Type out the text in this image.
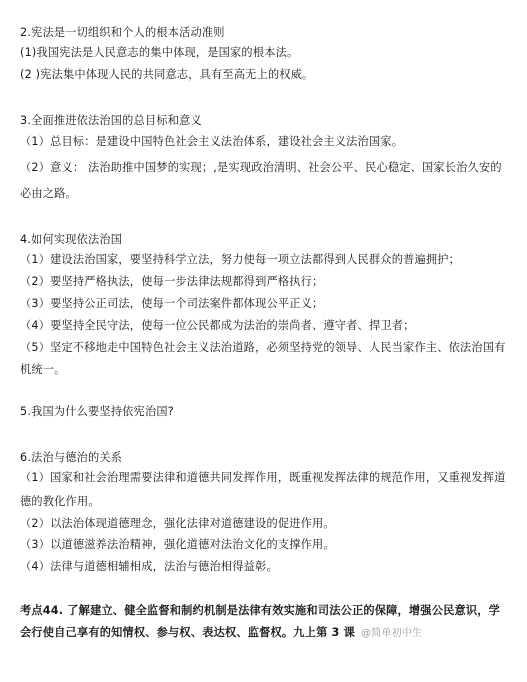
2.宪法是一切组织和个人的根本活动准则
(1)我国宪法是人民意志的集中体现，是国家的根本法。
(2 )宪法集中体现人民的共同意志，具有至高无上的权威。
3.全面推进依法治国的总目标和意义
（1）总目标：是建设中国特色社会主义法治体系，建设社会主义法治国家。
（2）意义： 法治助推中国梦的实现；,是实现政治清明、社会公平、民心稳定、国家长治久安的
必由之路。
4.如何实现依法治国
（1）建设法治国家，要坚持科学立法，努力使每一项立法都得到人民群众的普遍拥护；
（2）要坚持严格执法，使每一步法律法规都得到严格执行；
（3）要坚持公正司法，使每一个司法案件都体现公平正义；
（4）要坚持全民守法，使每一位公民都成为法治的崇尚者、遵守者、捍卫者；
（5）坚定不移地走中国特色社会主义法治道路，必须坚持党的领导、人民当家作主、依法治国有
机统一。
5.我国为什么要坚持依宪治国?
6.法治与德治的关系
（1）国家和社会治理需要法律和道德共同发挥作用，既重视发挥法律的规范作用，又重视发挥道
德的教化作用。
（2）以法治体现道德理念，强化法律对道德建设的促进作用。
（3）以道德滋养法治精神，强化道德对法治文化的支撑作用。
（4）法律与道德相辅相成，法治与德治相得益彰。
考点44. 了解建立、健全监督和制约机制是法律有效实施和司法公正的保障，增强公民意识，学
会行使自己享有的知情权、参与权、表达权、监督权。九上第 3 课 @简单初中生
